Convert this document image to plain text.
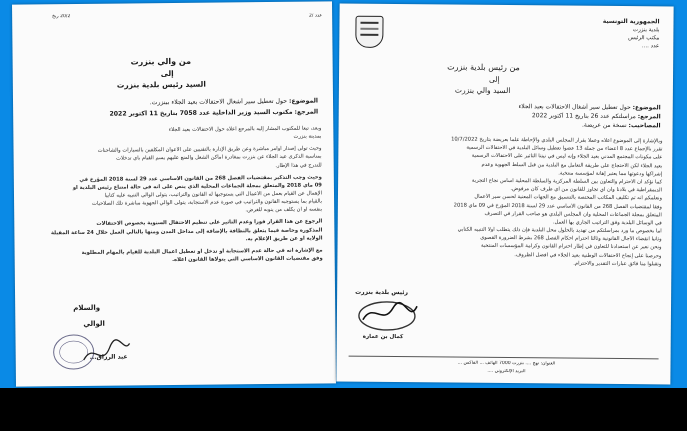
20/2 ريخ	عدد /2
من والي بنزرت
إلى
السيد رئيس بلدية بنزرت
الموضوع: حول تعطيل سير أشغال الاحتفالات بعيد الجلاء ببنزرت.
المرجع: مكتوب السيد وزير الداخلية عدد 7058 بتاريخ 11 أكتوبر 2022
وبعد، تبعا للمكتوب المشار إليه بالمرجع أعلاه حول الاحتفالات بعيد الجلاء
بمدينة بنزرت
وحيث تولى إصدار أوامر مباشرة وعن طريق الإدارة بالتقنيين على الأعوان المكلفين بالسيارات والشاحنات
بمناسبة الذكرى عيد الجلاء عن بنزرت بمغادرة أماكن الشغل والمنع عليهم يسم القيام بأي تدخلات
للتدرج في هذا الإطار.
وحيث وجب التذكير بمقتضيات الفصل 268 من القانون الأساسي عدد 29 لسنة 2018 المؤرخ في
09 ماي 2018 والمتعلق بمجلة الجماعات المحلية الذي ينص على أنه في حالة امتناع رئيس البلدية أو
الإهمال عن القيام بعمل من الأعمال التي يستوجبها له القانون والتراتيب، يتولى الوالي التنبيه عليه كتابيا
بالقيام بما يستوجبه القانون والتراتيب في صورة عدم الاستجابة، يتولى الوالي الجهوية مباشرة تلك الصلاحيات
بنفسه أو أن يكلف من ينوبه للغرض.
الرجوع عن هذا القرار فورا وعدم التأثير على تنظيم الاحتفال السنوية بخصوص الاحتفالات
المذكورة وخاصة فيما يتعلق بالنظافة بالإضافة إلى مداخل المدن ومنها بالتالي العمل خلال 24 ساعة المقبلة
الولاية أو عن طريق الإعلام به.
مع الإشارة أنه في حالة عدم الاستجابة أو تدخل أو تعطيل أعمال البلدية للقيام بالمهام المطلوبة
وفق مقتضيات القانون الأساسي التي يتولاها القانون اعلاه.
والسلام
الوالي
عبد الرزاق...
الجمهورية التونسية
بلدية بنزرت
مكتب الرئيس
عدد ....
من رئيس بلدية بنزرت
إلى
السيد والي بنزرت
الموضوع: حول تعطيل سير أشغال الاحتفالات بعيد الجلاء
المرجع: مراسلتكم عدد 26 بتاريخ 11 أكتوبر 2022
المصاحيب: نسخة من عريضة.
وبالإشارة إلى الموضوع أعلاه وعملا بقرار المجلس البلدي والإحاطة علما بعريضة بتاريخ 10/7/2022
تقرر بالإجماع عدد 8 أعضاء من جملة 13 عضوا تعطيل وسائل البلدية في الاحتفالات الرسمية
على مكونات المجتمع المدني بعيد الجلاء وإنه ليس في نيتنا التأثير على الاحتفالات الرسمية
بعيد الجلاء لكن الاحتجاج على طريقة التعامل مع البلدية من قبل السلط الجهوية وعدم
إشراكها ودعوتها مما يعتبر إهانة لمؤسسة منتخبة.
كما نؤكد أن الاحترام والتعاون بين السلطة المركزية والسلطة المحلية أساس نجاح التجربة
الديمقراطية في بلادنا وأن أي تجاوز للقانون من أي طرف كان مرفوض.
ونعلمكم أنه تم تكليف المكاتب المختصة بالتنسيق مع الجهات المعنية لحسن سير الأعمال
وفقا لمقتضيات الفصل 268 من القانون الأساسي عدد 29 لسنة 2018 المؤرخ في 09 ماي 2018
المتعلق بمجلة الجماعات المحلية وأن المجلس البلدي هو صاحب القرار في التصرف
في الوسائل البلدية وفق التراتيب الجاري بها العمل.
أما بخصوص ما ورد بمراسلتكم من تهديد بالحلول محل البلدية فإن ذلك يتطلب أولا التنبيه الكتابي
وثانيا انقضاء الآجال القانونية وثالثا احترام أحكام الفصل 268 بشرط الضرورة القصوى
ونحن نعبر عن استعدادنا للتعاون في إطار احترام القانون وكرامة المؤسسات المنتخبة
وحرصنا على إنجاح الاحتفالات الوطنية بعيد الجلاء في أفضل الظروف.
وتقبلوا منا فائق عبارات التقدير والاحترام.
رئيس بلدية بنزرت
كمال بن عمارة
العنوان: نهج .... بنزرت 7000 الهاتف ... الفاكس ...
البريد الإلكتروني ....
